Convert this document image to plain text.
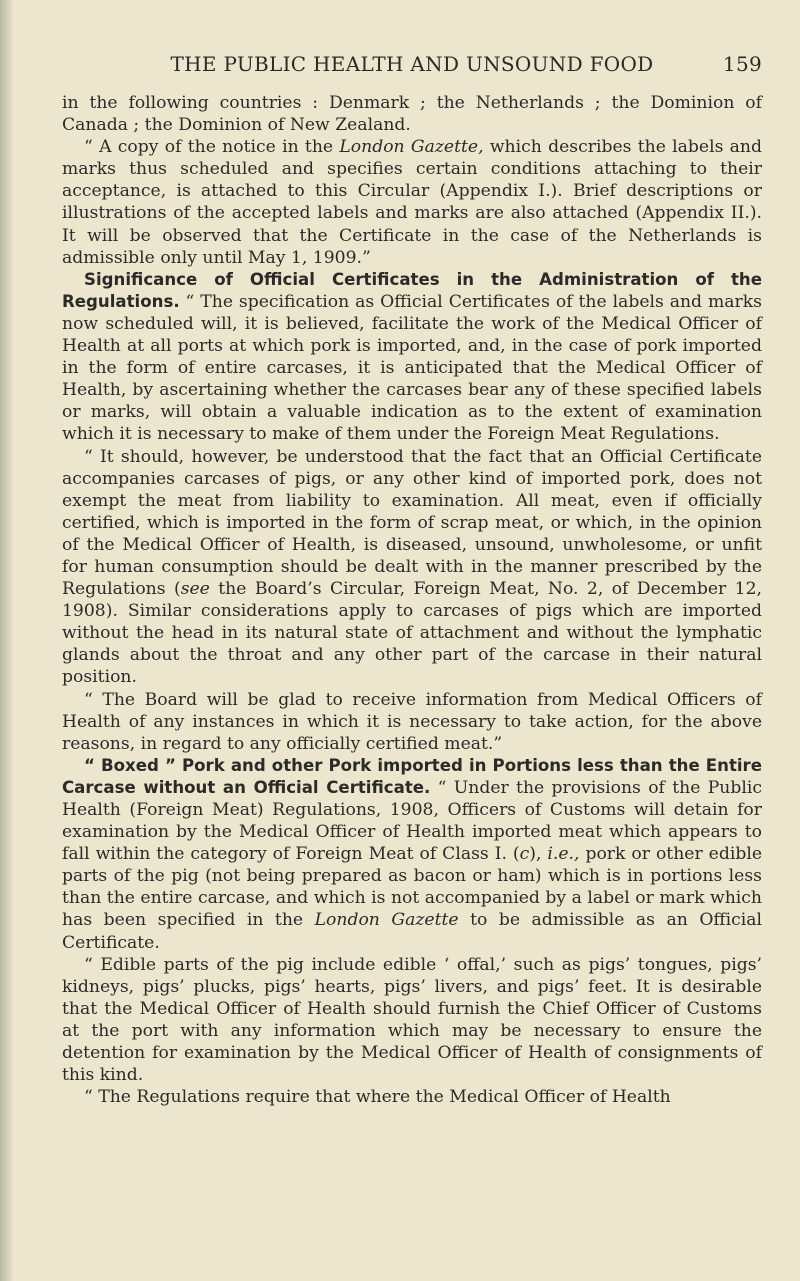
THE PUBLIC HEALTH AND UNSOUND FOOD	159

in the following countries : Denmark ; the Netherlands ; the Dominion of Canada ; the Dominion of New Zealand.

“ A copy of the notice in the London Gazette, which describes the labels and marks thus scheduled and specifies certain conditions attaching to their acceptance, is attached to this Circular (Appendix I.). Brief descriptions or illustrations of the accepted labels and marks are also attached (Appendix II.). It will be observed that the Certificate in the case of the Netherlands is admissible only until May 1, 1909.”

Significance of Official Certificates in the Administration of the Regulations. “ The specification as Official Certificates of the labels and marks now scheduled will, it is believed, facilitate the work of the Medical Officer of Health at all ports at which pork is imported, and, in the case of pork imported in the form of entire carcases, it is anticipated that the Medical Officer of Health, by ascertaining whether the carcases bear any of these specified labels or marks, will obtain a valuable indication as to the extent of examination which it is necessary to make of them under the Foreign Meat Regulations.

“ It should, however, be understood that the fact that an Official Certificate accompanies carcases of pigs, or any other kind of imported pork, does not exempt the meat from liability to examination. All meat, even if officially certified, which is imported in the form of scrap meat, or which, in the opinion of the Medical Officer of Health, is diseased, unsound, unwholesome, or unfit for human consumption should be dealt with in the manner prescribed by the Regulations (see the Board’s Circular, Foreign Meat, No. 2, of December 12, 1908). Similar considerations apply to carcases of pigs which are imported without the head in its natural state of attachment and without the lymphatic glands about the throat and any other part of the carcase in their natural position.

“ The Board will be glad to receive information from Medical Officers of Health of any instances in which it is necessary to take action, for the above reasons, in regard to any officially certified meat.”

“ Boxed ” Pork and other Pork imported in Portions less than the Entire Carcase without an Official Certificate. “ Under the provisions of the Public Health (Foreign Meat) Regulations, 1908, Officers of Customs will detain for examination by the Medical Officer of Health imported meat which appears to fall within the category of Foreign Meat of Class I. (c), i.e., pork or other edible parts of the pig (not being prepared as bacon or ham) which is in portions less than the entire carcase, and which is not accompanied by a label or mark which has been specified in the London Gazette to be admissible as an Official Certificate.

“ Edible parts of the pig include edible ‘ offal,’ such as pigs’ tongues, pigs’ kidneys, pigs’ plucks, pigs’ hearts, pigs’ livers, and pigs’ feet. It is desirable that the Medical Officer of Health should furnish the Chief Officer of Customs at the port with any information which may be necessary to ensure the detention for examination by the Medical Officer of Health of consignments of this kind.

“ The Regulations require that where the Medical Officer of Health
